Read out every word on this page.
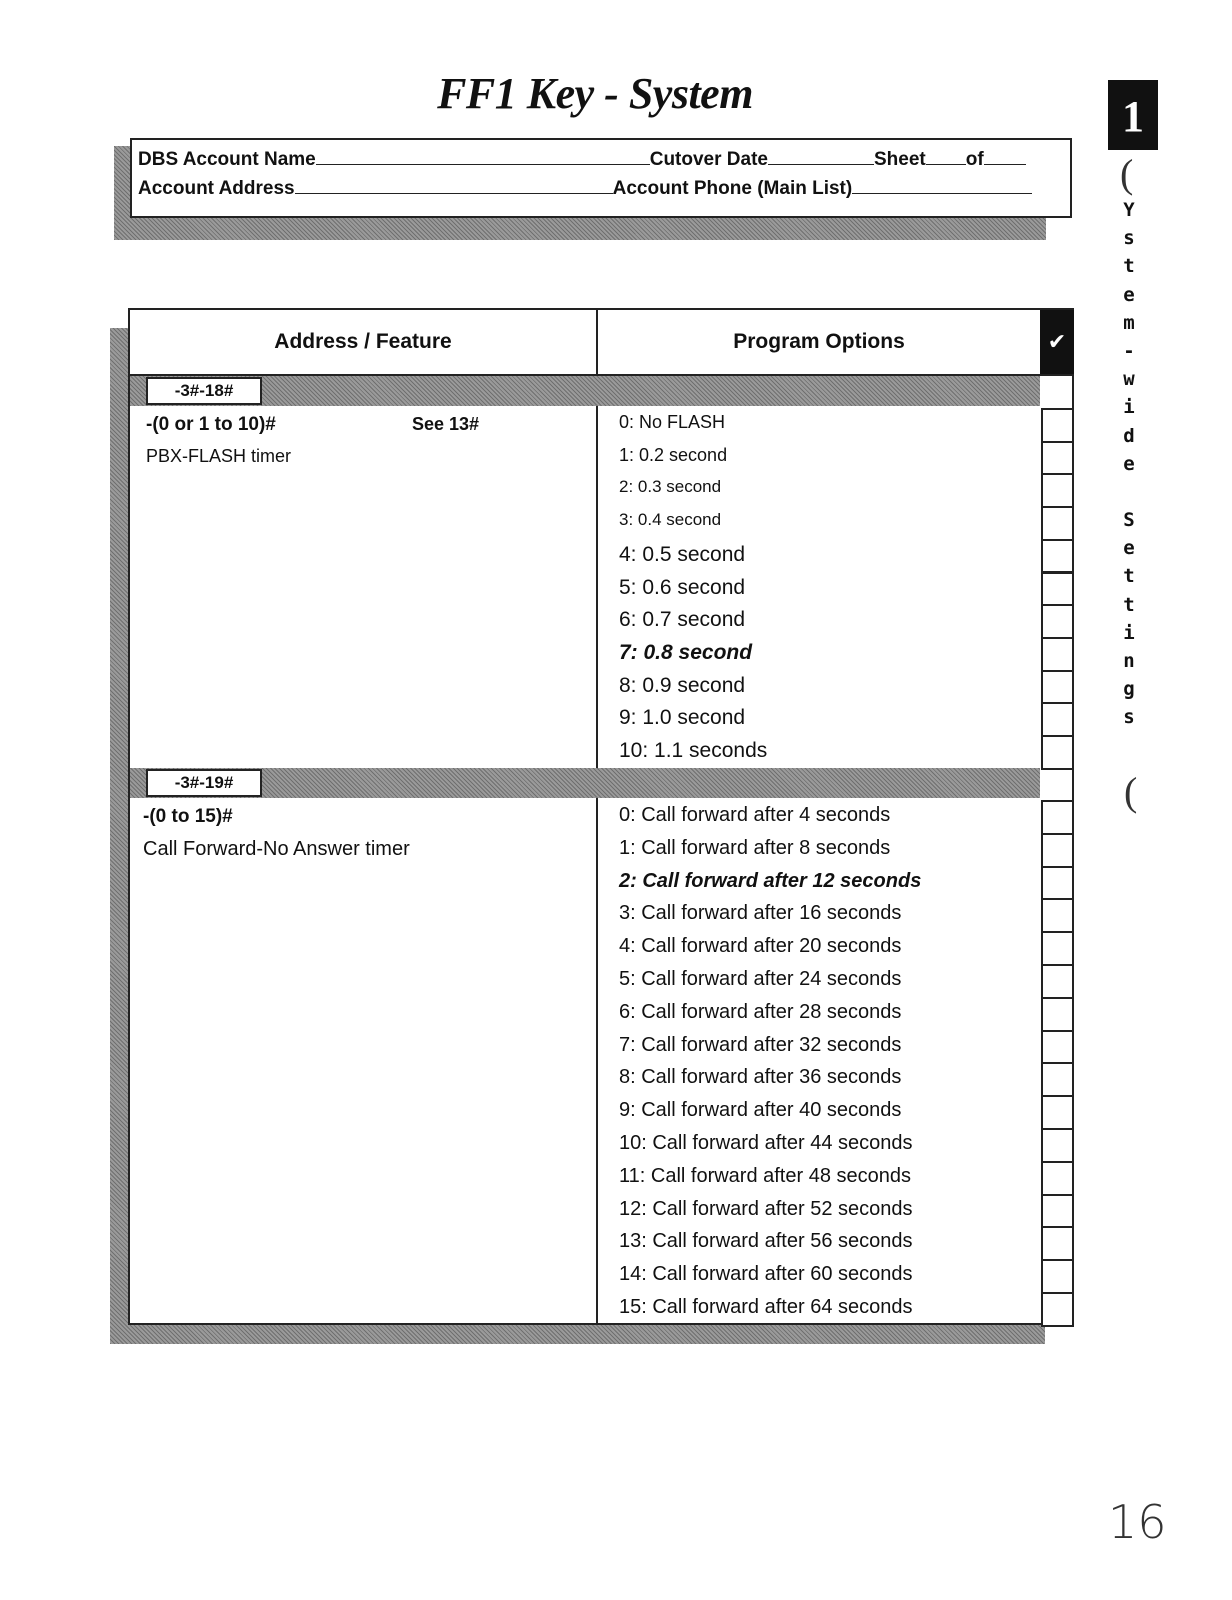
FF1 Key - System
DBS Account Name	Cutover Date	Sheet of
Account Address	Account Phone (Main List)
1
(
Y
s
t
e
m
-
w
i
d
e
S
e
t
t
i
n
g
s
(
16
Address / Feature	Program Options	✔
-3#-18#
-(0 or 1 to 10)#	See 13#
PBX-FLASH timer
0: No FLASH
1: 0.2 second
2: 0.3 second
3: 0.4 second
4: 0.5 second
5: 0.6 second
6: 0.7 second
7: 0.8 second
8: 0.9 second
9: 1.0 second
10: 1.1 seconds
-3#-19#
-(0 to 15)#
Call Forward-No Answer timer
0: Call forward after 4 seconds
1: Call forward after 8 seconds
2: Call forward after 12 seconds
3: Call forward after 16 seconds
4: Call forward after 20 seconds
5: Call forward after 24 seconds
6: Call forward after 28 seconds
7: Call forward after 32 seconds
8: Call forward after 36 seconds
9: Call forward after 40 seconds
10: Call forward after 44 seconds
11: Call forward after 48 seconds
12: Call forward after 52 seconds
13: Call forward after 56 seconds
14: Call forward after 60 seconds
15: Call forward after 64 seconds
